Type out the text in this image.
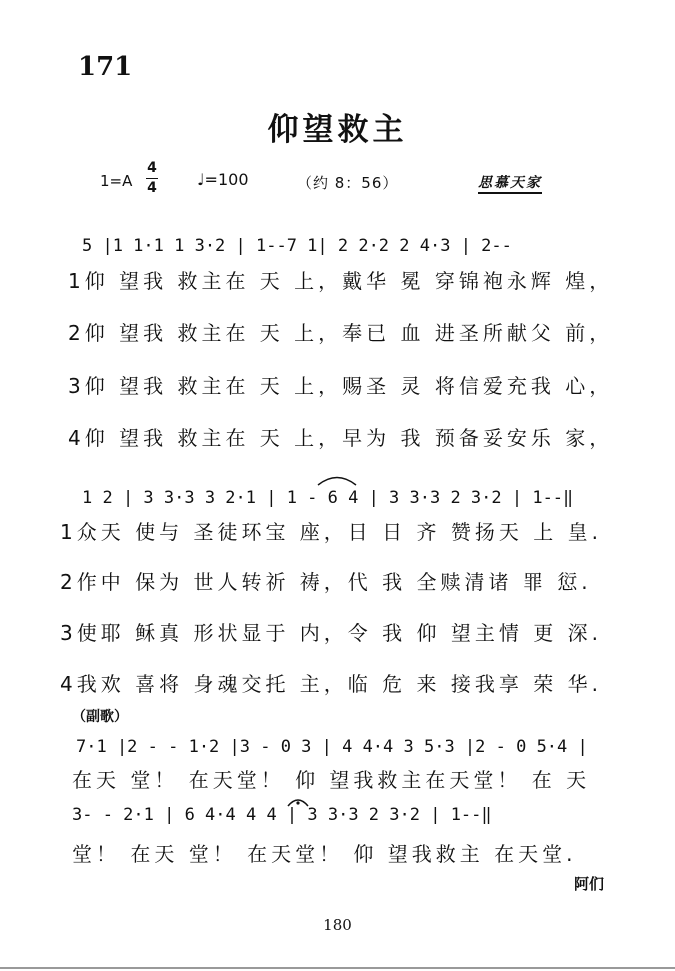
171
仰望救主
1=A
4
4	♩=100	（约 8：56）	思慕天家
5 |1 1·1 1 3·2 | 1--7 1| 2 2·2 2 4·3 | 2--
1仰 望我 救主在 天 上，戴华 冕 穿锦袍永辉 煌，
2仰 望我 救主在 天 上，奉已 血 进圣所献父 前，
3仰 望我 救主在 天 上，赐圣 灵 将信爱充我 心，
4仰 望我 救主在 天 上，早为 我 预备妥安乐 家，
1 2 | 3 3·3 3 2·1 | 1 - 6 4 | 3 3·3 2 3·2 | 1--‖
1众天 使与 圣徒环宝 座，日 日 齐 赞扬天 上 皇.
2作中 保为 世人转祈 祷，代 我 全赎清诸 罪 愆.
3使耶 稣真 形状显于 内，令 我 仰 望主情 更 深.
4我欢 喜将 身魂交托 主，临 危 来 接我享 荣 华.
（副歌）
7·1 |2 - - 1·2 |3 - 0 3 | 4 4·4 3 5·3 |2 - 0 5·4 |
在天 堂！ 在天堂！ 仰 望我救主在天堂！ 在 天
3- - 2·1 | 6 4·4 4 4 | 3 3·3 2 3·2 | 1--‖
堂！ 在天 堂！ 在天堂！ 仰 望我救主 在天堂.
阿们
180
